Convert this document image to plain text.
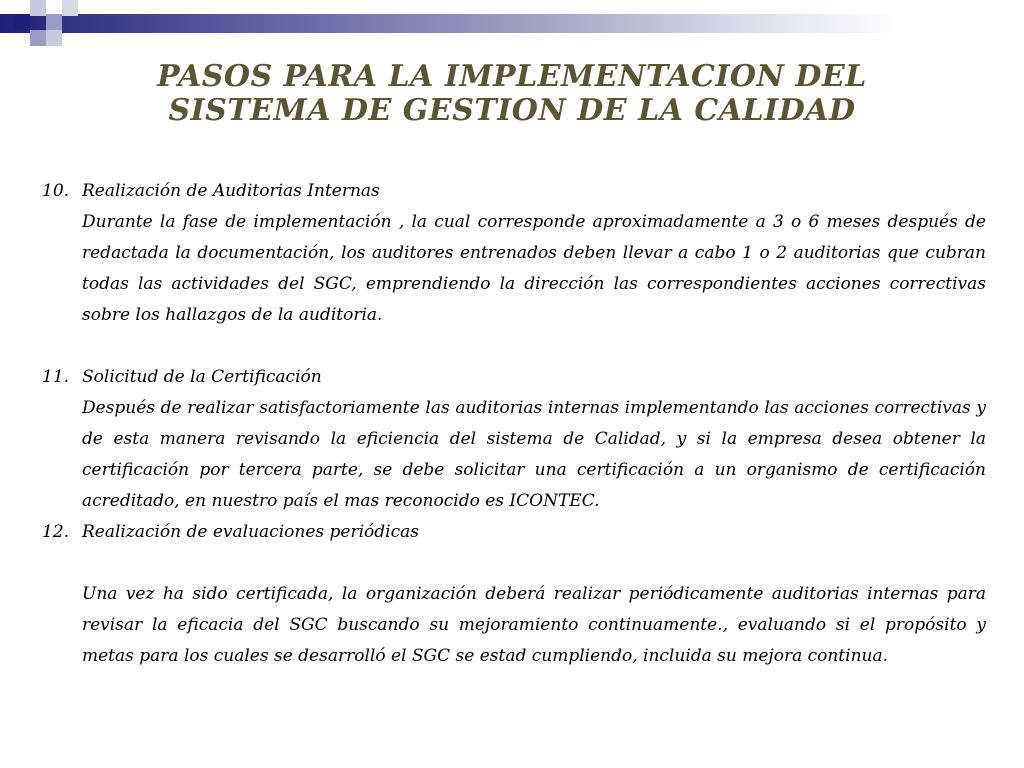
PASOS PARA LA IMPLEMENTACION DEL
SISTEMA DE GESTION DE LA CALIDAD
10. Realización de Auditorias Internas
Durante la fase de implementación , la cual corresponde aproximadamente a 3 o 6 meses después de redactada la documentación, los auditores entrenados deben llevar a cabo 1 o 2 auditorias que cubran todas las actividades del SGC, emprendiendo la dirección las correspondientes acciones correctivas sobre los hallazgos de la auditoria.
11. Solicitud de la Certificación
Después de realizar satisfactoriamente las auditorias internas implementando las acciones correctivas y de esta manera revisando la eficiencia del sistema de Calidad, y si la empresa desea obtener la certificación por tercera parte, se debe solicitar una certificación a un organismo de certificación acreditado, en nuestro país el mas reconocido es ICONTEC.
12. Realización de evaluaciones periódicas
Una vez ha sido certificada, la organización deberá realizar periódicamente auditorias internas para revisar la eficacia del SGC buscando su mejoramiento continuamente., evaluando si el propósito y metas para los cuales se desarrolló el SGC se estad cumpliendo, incluida su mejora continua.
